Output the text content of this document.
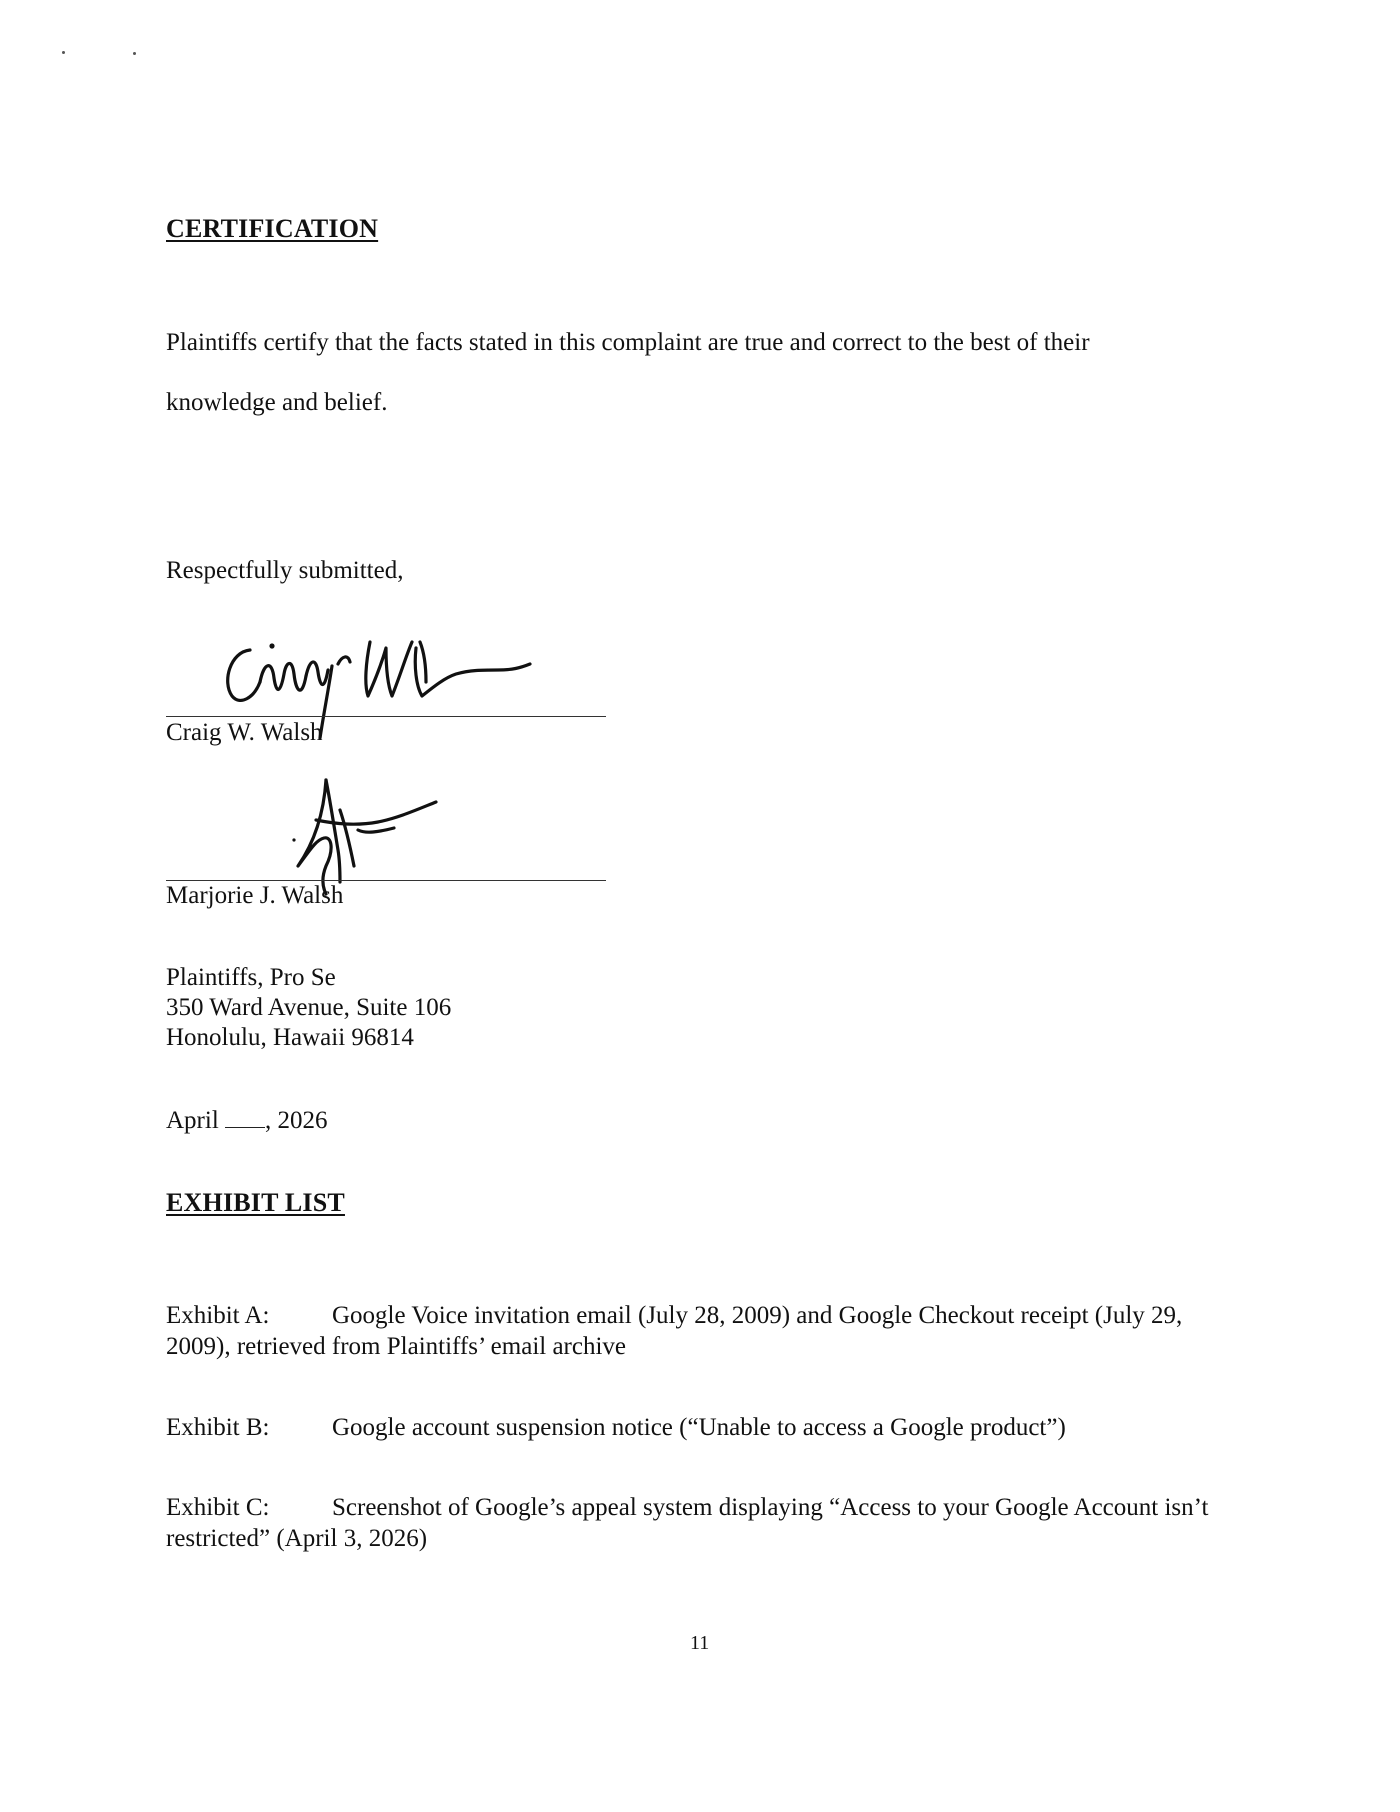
CERTIFICATION
Plaintiffs certify that the facts stated in this complaint are true and correct to the best of their
knowledge and belief.
Respectfully submitted,
Craig W. Walsh
Marjorie J. Walsh
Plaintiffs, Pro Se
350 Ward Avenue, Suite 106
Honolulu, Hawaii 96814
April , 2026
EXHIBIT LIST
Exhibit A:	Google Voice invitation email (July 28, 2009) and Google Checkout receipt (July 29, 2009), retrieved from Plaintiffs’ email archive
Exhibit B:	Google account suspension notice (“Unable to access a Google product”)
Exhibit C:	Screenshot of Google’s appeal system displaying “Access to your Google Account isn’t restricted” (April 3, 2026)
11
